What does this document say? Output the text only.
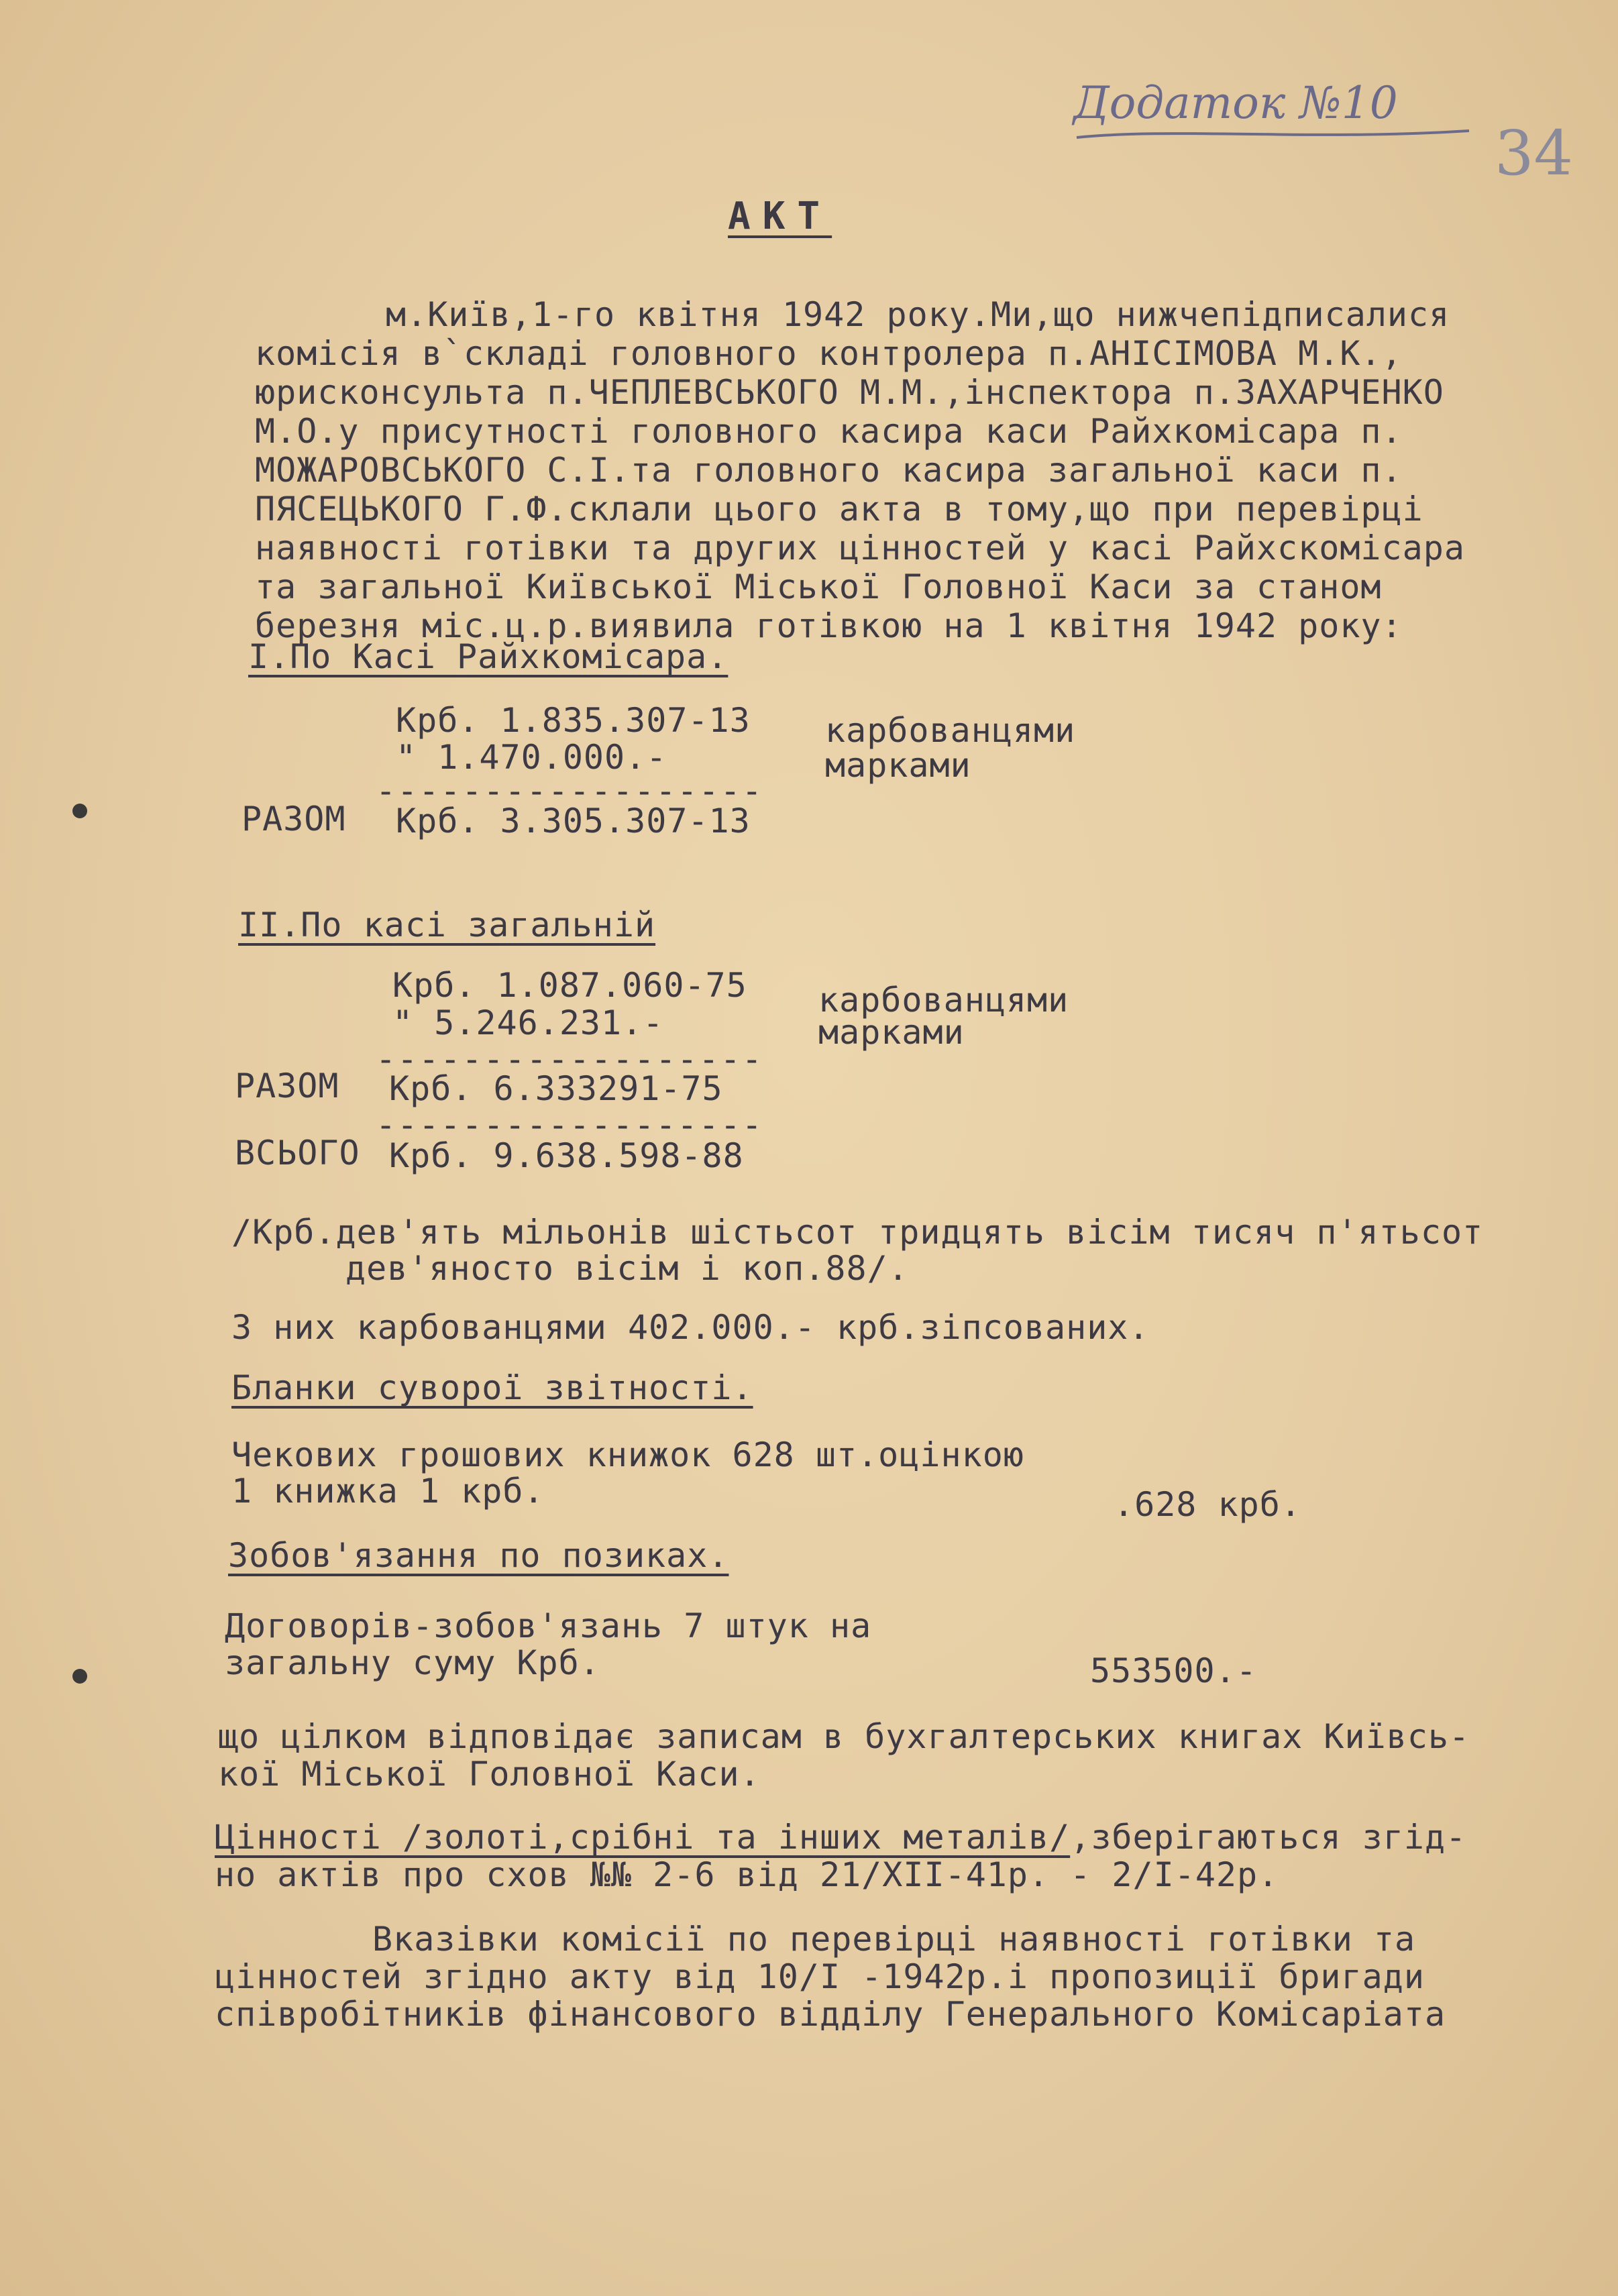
Додаток №10
34
АКТ
м.Київ,1-го квітня 1942 року.Ми,що нижчепідписалися
комісія в`складі головного контролера п.АНІСІМОВА М.К.,
юрисконсульта п.ЧЕПЛЕВСЬКОГО М.М.,інспектора п.ЗАХАРЧЕНКО
М.О.у присутності головного касира каси Райхкомісара п.
МОЖАРОВСЬКОГО С.І.та головного касира загальної каси п.
ПЯСЕЦЬКОГО Г.Ф.склали цього акта в тому,що при перевірці
наявності готівки та других цінностей у касі Райхскомісара
та загальної Київської Міської Головної Каси за станом
березня міс.ц.р.виявила готівкою на 1 квітня 1942 року:
І.По Касі Райхкомісара.
Крб. 1.835.307-13 карбованцями
" 1.470.000.-	марками
------------------
РАЗОМ Крб. 3.305.307-13
ІІ.По касі загальній
Крб. 1.087.060-75 карбованцями
" 5.246.231.-	марками
------------------
РАЗОМ Крб. 6.333291-75
------------------
ВСЬОГО Крб. 9.638.598-88
/Крб.дев'ять мільонів шістьсот тридцять вісім тисяч п'ятьсот
дев'яносто вісім і коп.88/.
З них карбованцями 402.000.- крб.зіпсованих.
Бланки суворої звітності.
Чекових грошових книжок 628 шт.оцінкою
1 книжка 1 крб.	.628 крб.
Зобов'язання по позиках.
Договорів-зобов'язань 7 штук на
загальну суму Крб.	553500.-
що цілком відповідає записам в бухгалтерських книгах Київсь-
кої Міської Головної Каси.
Цінності /золоті,срібні та інших металів/,зберігаються згід-
но актів про схов №№ 2-6 від 21/ХІІ-41р. - 2/І-42р.
Вказівки комісії по перевірці наявності готівки та
цінностей згідно акту від 10/І -1942р.і пропозиції бригади
співробітників фінансового відділу Генерального Комісаріата
